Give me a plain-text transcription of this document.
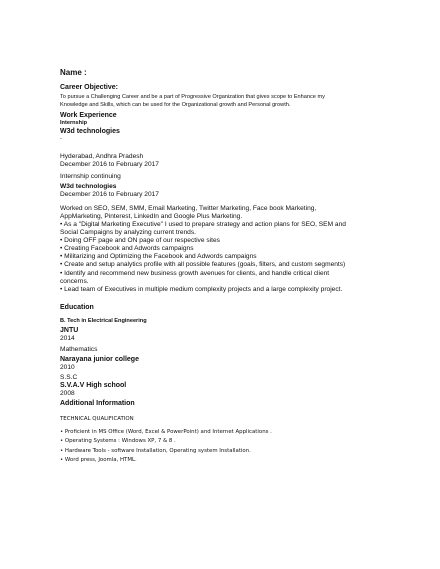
Name :

Career Objective:

To pursue a Challenging Career and be a part of Progressive Organization that gives scope to Enhance my

Knowledge and Skills, which can be used for the Organizational growth and Personal growth.

Work Experience

Internship

W3d technologies

-

Hyderabad, Andhra Pradesh

December 2016 to February 2017

Internship continuing

W3d technologies

December 2016 to February 2017

Worked on SEO, SEM, SMM, Email Marketing, Twitter Marketing, Face book Marketing,

AppMarketing, Pinterest, LinkedIn and Google Plus Marketing.

• As a "Digital Marketing Executive" I used to prepare strategy and action plans for SEO, SEM and

Social Campaigns by analyzing current trends.

• Doing OFF page and ON page of our respective sites

• Creating Facebook and Adwords campaigns

• Militarizing and Optimizing the Facebook and Adwords campaigns

• Create and setup analytics profile with all possible features (goals, filters, and custom segments)

• Identify and recommend new business growth avenues for clients, and handle critical client

concerns.

• Lead team of Executives in multiple medium complexity projects and a large complexity project.

Education

B. Tech in Electrical Engineering

JNTU

2014

Mathematics

Narayana junior college

2010

S.S.C

S.V.A.V High school

2008

Additional Information

TECHNICAL QUALIFICATION

• Proficient in MS Office (Word, Excel & PowerPoint) and Internet Applications .

• Operating Systems : Windows XP, 7 & 8 .

• Hardware Tools - software Installation, Operating system Installation.

• Word press, Joomla, HTML.
